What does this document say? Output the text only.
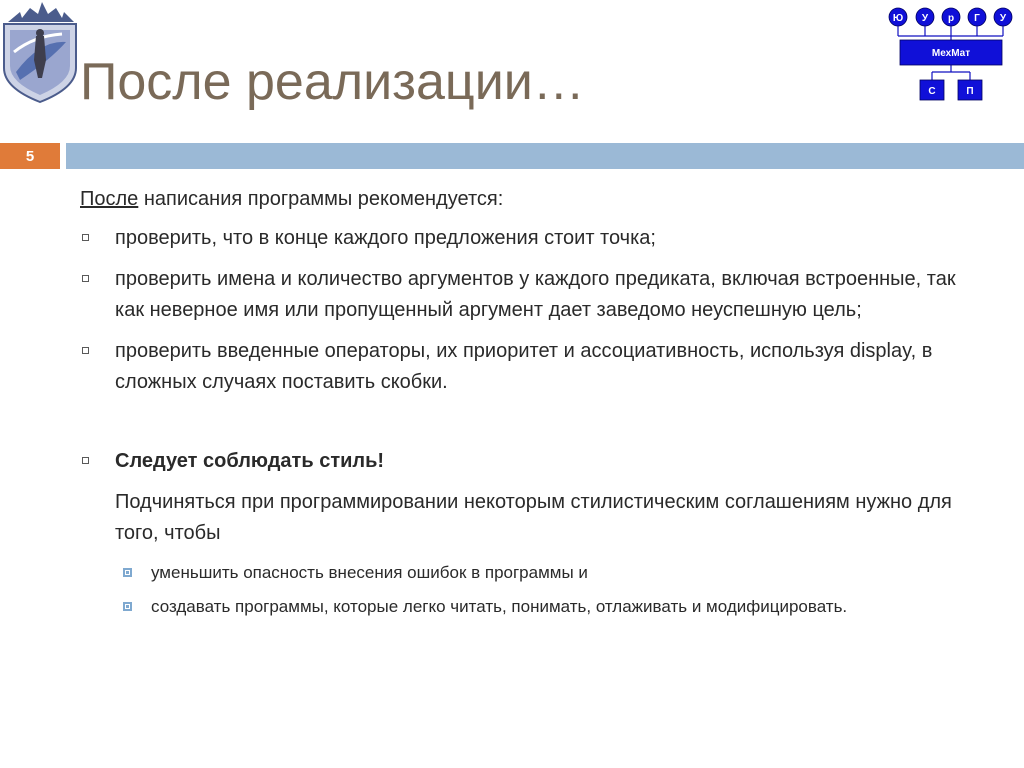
После реализации…
Ю У р Г У
МехМат
С	П
5

После написания программы рекомендуется:

проверить, что в конце каждого предложения стоит точка;
проверить имена и количество аргументов у каждого предиката, включая встроенные, так как неверное имя или пропущенный аргумент дает заведомо неуспешную цель;
проверить введенные операторы, их приоритет и ассоциативность, используя display, в сложных случаях поставить скобки.
Следует соблюдать стиль!

Подчиняться при программировании некоторым стилистическим соглашениям нужно для того, чтобы

уменьшить опасность внесения ошибок в программы и
создавать программы, которые легко читать, понимать, отлаживать и модифицировать.
